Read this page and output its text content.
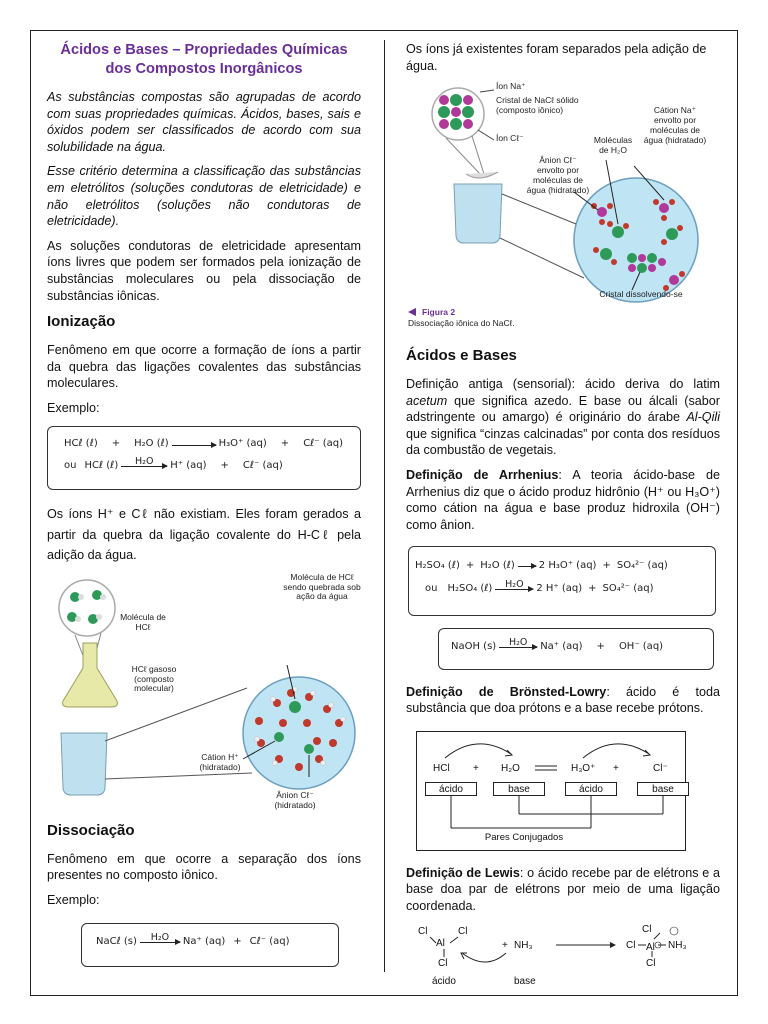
Ácidos e Bases – Propriedades Químicas dos Compostos Inorgânicos

As substâncias compostas são agrupadas de acordo com suas propriedades químicas. Ácidos, bases, sais e óxidos podem ser classificados de acordo com sua solubilidade na água.

Esse critério determina a classificação das substâncias em eletrólitos (soluções condutoras de eletricidade) e não eletrólitos (soluções não condutoras de eletricidade).

As soluções condutoras de eletricidade apresentam íons livres que podem ser formados pela ionização de substâncias moleculares ou pela dissociação de substâncias iônicas.

Ionização

Fenômeno em que ocorre a formação de íons a partir da quebra das ligações covalentes das substâncias moleculares.

Exemplo:

HCℓ (ℓ) + H₂O (ℓ)	H₃O⁺ (aq) + Cℓ⁻ (aq)
ou HCℓ (ℓ) H₂O H⁺ (aq) + Cℓ⁻ (aq)

Os íons H⁺ e Cℓ não existiam. Eles foram gerados a partir da quebra da ligação covalente do H-Cℓ pela adição da água.

Molécula de HCℓ sendo quebrada sob ação da água
Molécula de HCℓ
HCℓ gasoso (composto molecular)
Cátion H⁺ (hidratado)
Ânion Cℓ⁻ (hidratado)
Dissociação

Fenômeno em que ocorre a separação dos íons presentes no composto iônico.

Exemplo:

NaCℓ (s) H₂O Na⁺ (aq) + Cℓ⁻ (aq)

Os íons já existentes foram separados pela adição de água.

Íon Na⁺
Cristal de NaCℓ sólido (composto iônico)
Íon Cℓ⁻
Cátion Na⁺ envolto por moléculas de água (hidratado)
Moléculas de H₂O
Ânion Cℓ⁻ envolto por moléculas de água (hidratado)
Cristal dissolvendo-se
Figura 2
Dissociação iônica do NaCℓ.
Ácidos e Bases

Definição antiga (sensorial): ácido deriva do latim acetum que significa azedo. E base ou álcali (sabor adstringente ou amargo) é originário do árabe Al-Qili que significa “cinzas calcinadas” por conta dos resíduos da combustão de vegetais.

Definição de Arrhenius: A teoria ácido-base de Arrhenius diz que o ácido produz hidrônio (H⁺ ou H₃O⁺) como cátion na água e base produz hidroxila (OH⁻) como ânion.

H₂SO₄ (ℓ) + H₂O (ℓ) → 2 H₃O⁺ (aq) + SO₄²⁻ (aq)
ou H₂SO₄ (ℓ) H₂O 2 H⁺ (aq) + SO₄²⁻ (aq)
NaOH (s) H₂O Na⁺ (aq) + OH⁻ (aq)

Definição de Brönsted-Lowry: ácido é toda substância que doa prótons e a base recebe prótons.

HCl + H₂O	H₃O⁺ +	Cl⁻
ácido	base	ácido	base
Pares Conjugados

Definição de Lewis: o ácido recebe par de elétrons e a base doa par de elétrons por meio de uma ligação coordenada.

Cl	Cl
Al
Cl
+ NH₃
Cl
Cl Al NH₃
Cl
ácido	base
